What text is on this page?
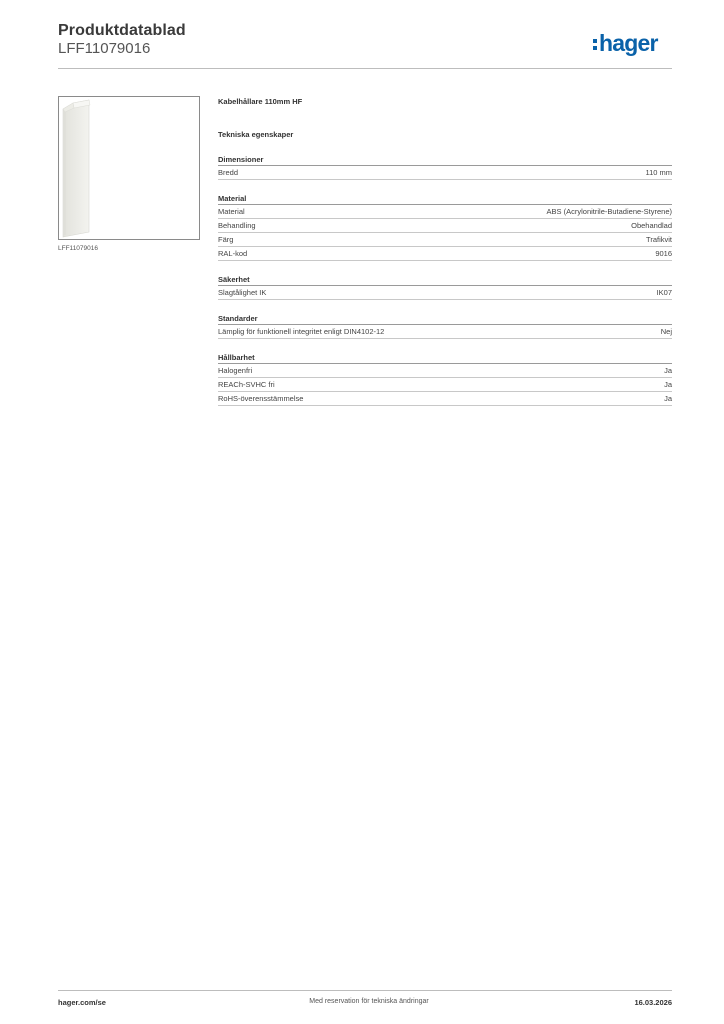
Produktdatablad
LFF11079016	hager
LFF11079016
Kabelhållare 110mm HF
Tekniska egenskaper
Dimensioner
Bredd	110 mm
Material
Material	ABS (Acrylonitrile-Butadiene-Styrene)
Behandling	Obehandlad
Färg	Trafikvit
RAL-kod	9016
Säkerhet
Slagtålighet IK	IK07
Standarder
Lämplig för funktionell integritet enligt DIN4102-12	Nej
Hållbarhet
Halogenfri	Ja
REACh-SVHC fri	Ja
RoHS-överensstämmelse	Ja
hager.com/se	Med reservation för tekniska ändringar	16.03.2026
